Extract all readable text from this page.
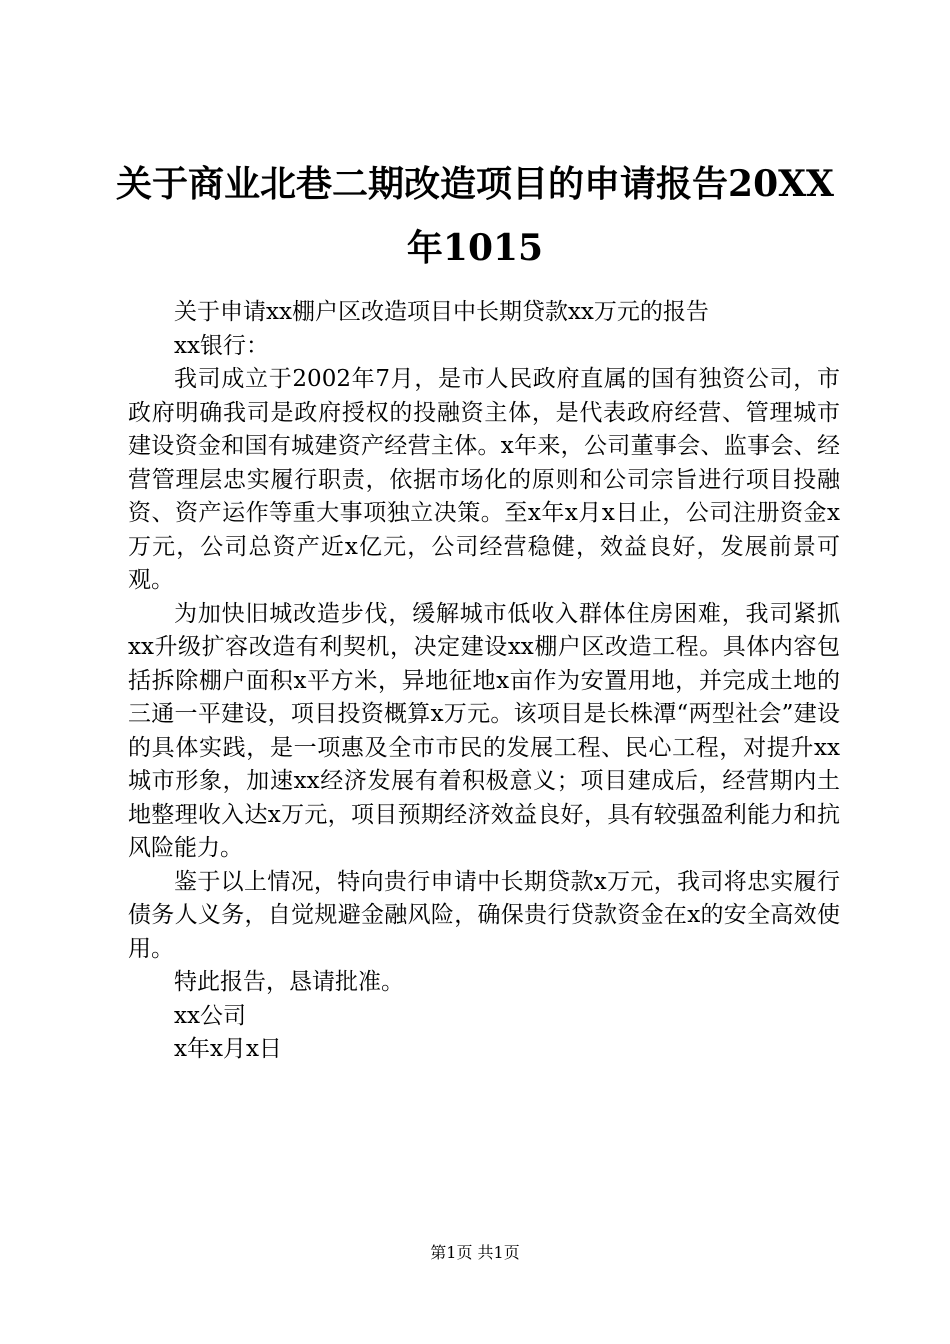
关于商业北巷二期改造项目的申请报告20XX年1015

关于申请xx棚户区改造项目中长期贷款xx万元的报告

xx银行：

我司成立于2002年7月，是市人民政府直属的国有独资公司，市政府明确我司是政府授权的投融资主体，是代表政府经营、管理城市建设资金和国有城建资产经营主体。x年来，公司董事会、监事会、经营管理层忠实履行职责，依据市场化的原则和公司宗旨进行项目投融资、资产运作等重大事项独立决策。至x年x月x日止，公司注册资金x万元，公司总资产近x亿元，公司经营稳健，效益良好，发展前景可观。

为加快旧城改造步伐，缓解城市低收入群体住房困难，我司紧抓xx升级扩容改造有利契机，决定建设xx棚户区改造工程。具体内容包括拆除棚户面积x平方米，异地征地x亩作为安置用地，并完成土地的三通一平建设，项目投资概算x万元。该项目是长株潭“两型社会”建设的具体实践，是一项惠及全市市民的发展工程、民心工程，对提升xx城市形象，加速xx经济发展有着积极意义；项目建成后，经营期内土地整理收入达x万元，项目预期经济效益良好，具有较强盈利能力和抗风险能力。

鉴于以上情况，特向贵行申请中长期贷款x万元，我司将忠实履行债务人义务，自觉规避金融风险，确保贵行贷款资金在x的安全高效使用。

特此报告，恳请批准。

xx公司

x年x月x日

第1页 共1页
